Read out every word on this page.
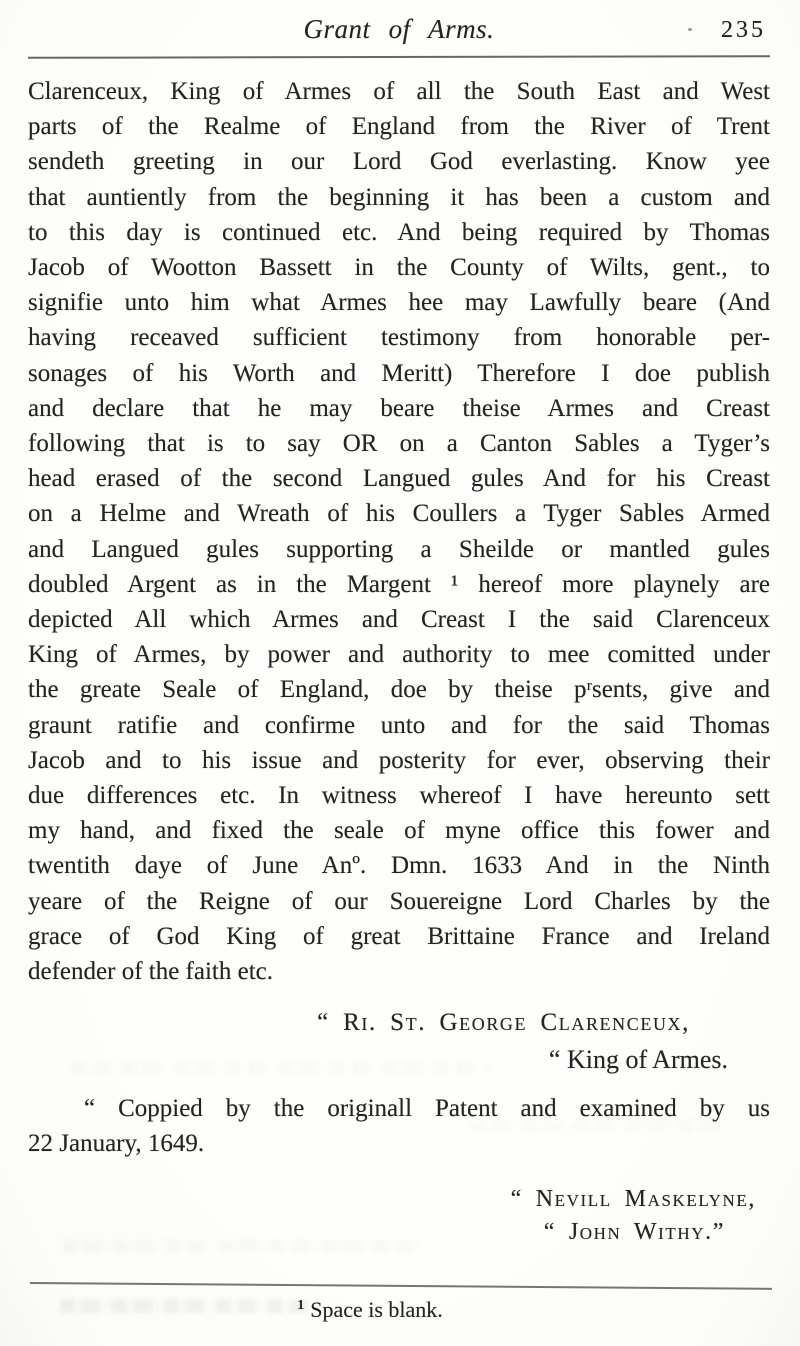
Grant of Arms.	235
Clarenceux, King of Armes of all the South East and West
parts of the Realme of England from the River of Trent
sendeth greeting in our Lord God everlasting. Know yee
that auntiently from the beginning it has been a custom and
to this day is continued etc. And being required by Thomas
Jacob of Wootton Bassett in the County of Wilts, gent., to
signifie unto him what Armes hee may Lawfully beare (And
having receaved sufficient testimony from honorable per-
sonages of his Worth and Meritt) Therefore I doe publish
and declare that he may beare theise Armes and Creast
following that is to say OR on a Canton Sables a Tyger’s
head erased of the second Langued gules And for his Creast
on a Helme and Wreath of his Coullers a Tyger Sables Armed
and Langued gules supporting a Sheilde or mantled gules
doubled Argent as in the Margent ¹ hereof more playnely are
depicted All which Armes and Creast I the said Clarenceux
King of Armes, by power and authority to mee comitted under
the greate Seale of England, doe by theise pʳsents, give and
graunt ratifie and confirme unto and for the said Thomas
Jacob and to his issue and posterity for ever, observing their
due differences etc. In witness whereof I have hereunto sett
my hand, and fixed the seale of myne office this fower and
twentith daye of June Anº. Dmn. 1633 And in the Ninth
yeare of the Reigne of our Souereigne Lord Charles by the
grace of God King of great Brittaine France and Ireland
defender of the faith etc.
“ Ri. St. George Clarenceux,
“ King of Armes.
“ Coppied by the originall Patent and examined by us
22 January, 1649.
“ Nevill Maskelyne,
“ John Withy.”
$^1$ Space is blank.
